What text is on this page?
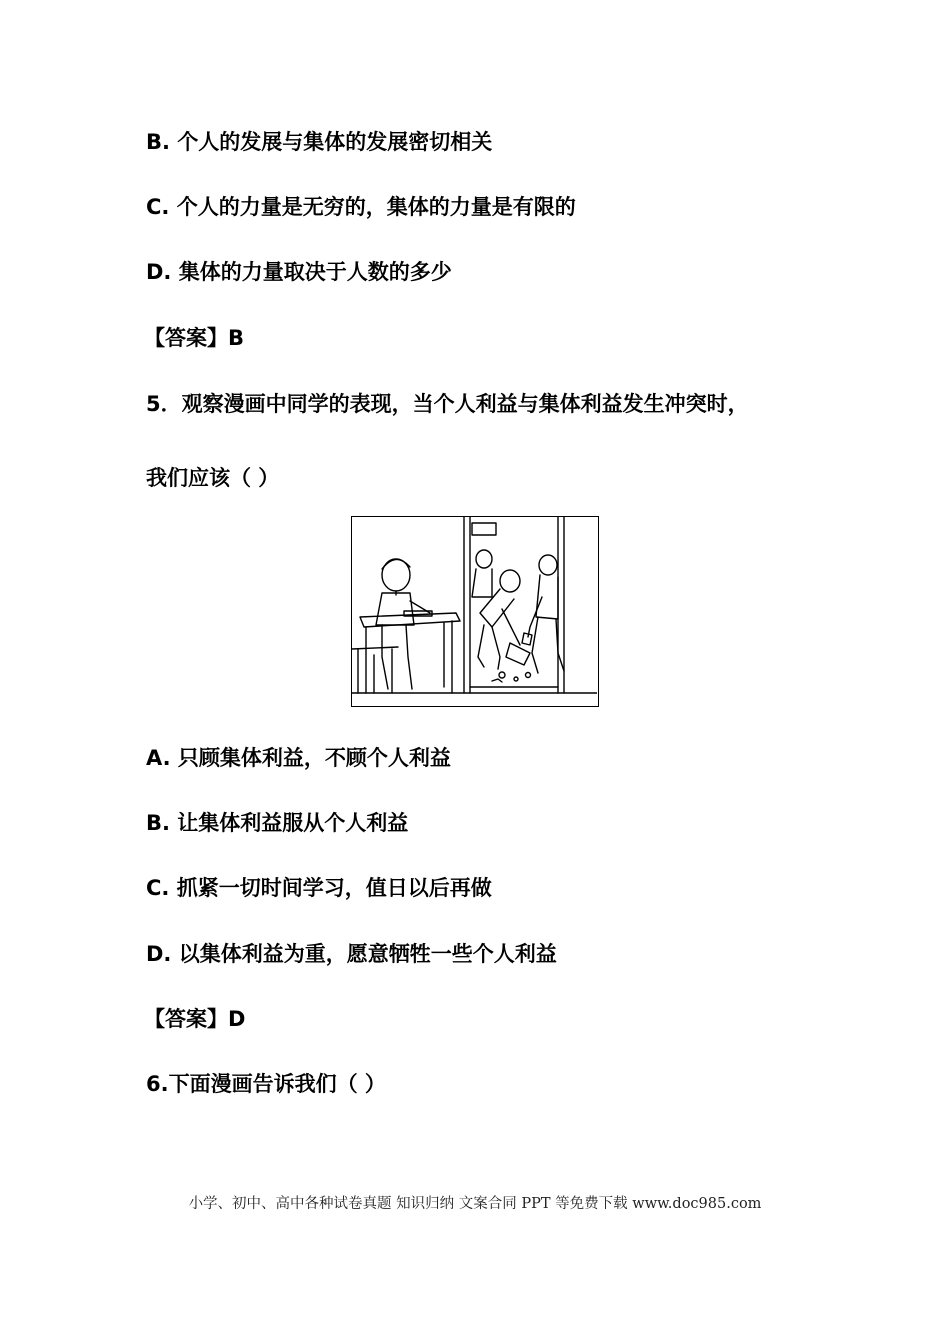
B. 个人的发展与集体的发展密切相关
C. 个人的力量是无穷的，集体的力量是有限的
D. 集体的力量取决于人数的多少
【答案】B
5．观察漫画中同学的表现，当个人利益与集体利益发生冲突时，
我们应该（ ）
A. 只顾集体利益，不顾个人利益
B. 让集体利益服从个人利益
C. 抓紧一切时间学习，值日以后再做
D. 以集体利益为重，愿意牺牲一些个人利益
【答案】D
6.下面漫画告诉我们（ ）
小学、初中、高中各种试卷真题 知识归纳 文案合同 PPT 等免费下载 www.doc985.com
